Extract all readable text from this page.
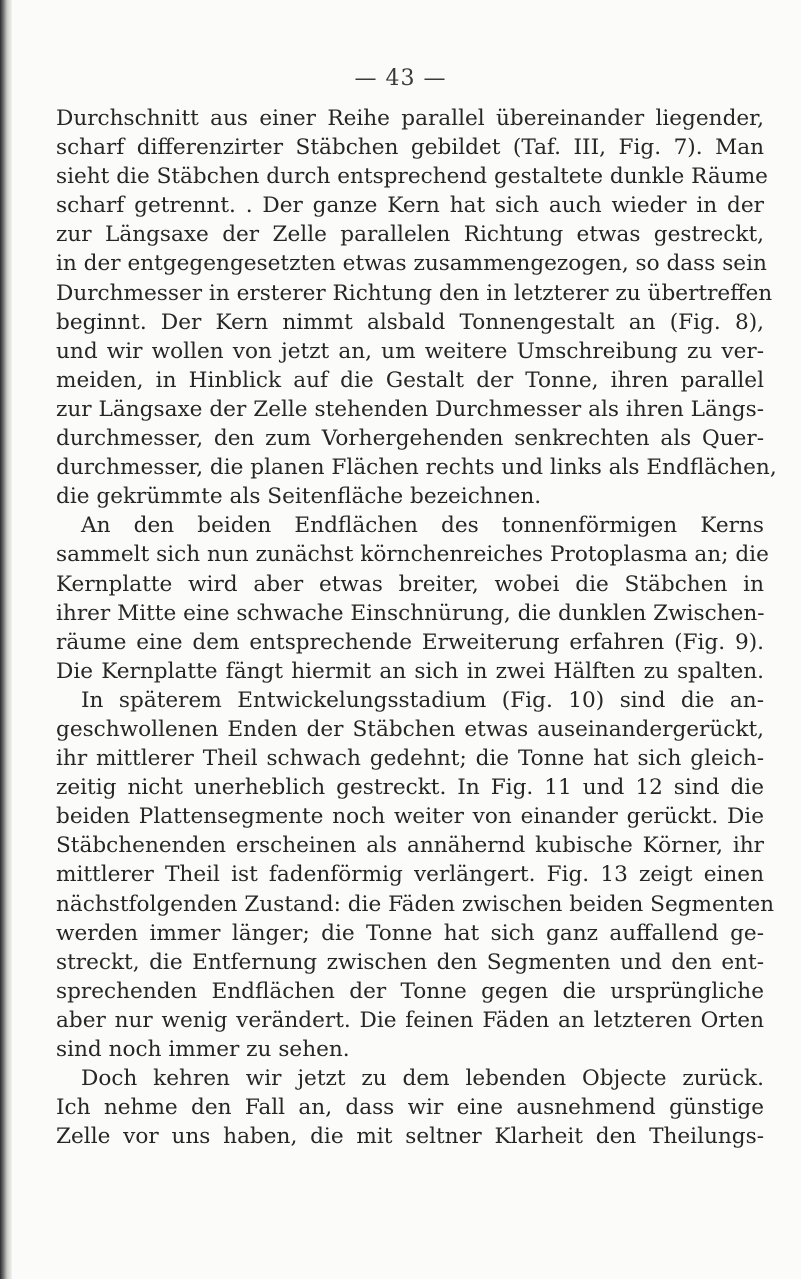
— 43 —
Durchschnitt aus einer Reihe parallel übereinander liegender,
scharf differenzirter Stäbchen gebildet (Taf. III, Fig. 7). Man
sieht die Stäbchen durch entsprechend gestaltete dunkle Räume
scharf getrennt. . Der ganze Kern hat sich auch wieder in der
zur Längsaxe der Zelle parallelen Richtung etwas gestreckt,
in der entgegengesetzten etwas zusammengezogen, so dass sein
Durchmesser in ersterer Richtung den in letzterer zu übertreffen
beginnt. Der Kern nimmt alsbald Tonnengestalt an (Fig. 8),
und wir wollen von jetzt an, um weitere Umschreibung zu ver-
meiden, in Hinblick auf die Gestalt der Tonne, ihren parallel
zur Längsaxe der Zelle stehenden Durchmesser als ihren Längs-
durchmesser, den zum Vorhergehenden senkrechten als Quer-
durchmesser, die planen Flächen rechts und links als Endflächen,
die gekrümmte als Seitenfläche bezeichnen.
An den beiden Endflächen des tonnenförmigen Kerns
sammelt sich nun zunächst körnchenreiches Protoplasma an; die
Kernplatte wird aber etwas breiter, wobei die Stäbchen in
ihrer Mitte eine schwache Einschnürung, die dunklen Zwischen-
räume eine dem entsprechende Erweiterung erfahren (Fig. 9).
Die Kernplatte fängt hiermit an sich in zwei Hälften zu spalten.
In späterem Entwickelungsstadium (Fig. 10) sind die an-
geschwollenen Enden der Stäbchen etwas auseinandergerückt,
ihr mittlerer Theil schwach gedehnt; die Tonne hat sich gleich-
zeitig nicht unerheblich gestreckt. In Fig. 11 und 12 sind die
beiden Plattensegmente noch weiter von einander gerückt. Die
Stäbchenenden erscheinen als annähernd kubische Körner, ihr
mittlerer Theil ist fadenförmig verlängert. Fig. 13 zeigt einen
nächstfolgenden Zustand: die Fäden zwischen beiden Segmenten
werden immer länger; die Tonne hat sich ganz auffallend ge-
streckt, die Entfernung zwischen den Segmenten und den ent-
sprechenden Endflächen der Tonne gegen die ursprüngliche
aber nur wenig verändert. Die feinen Fäden an letzteren Orten
sind noch immer zu sehen.
Doch kehren wir jetzt zu dem lebenden Objecte zurück.
Ich nehme den Fall an, dass wir eine ausnehmend günstige
Zelle vor uns haben, die mit seltner Klarheit den Theilungs-
